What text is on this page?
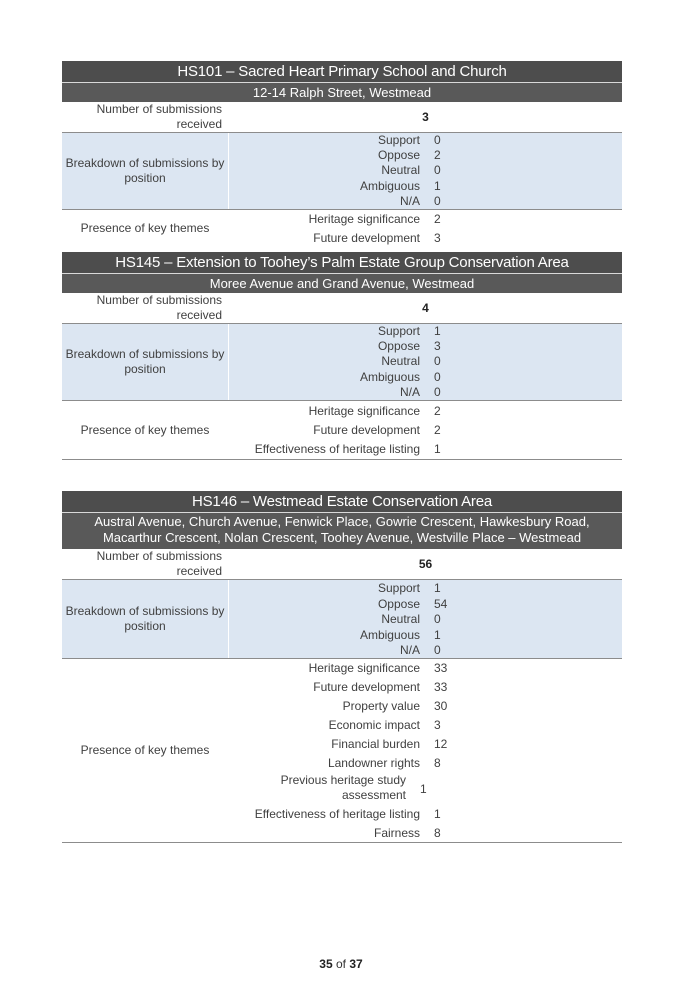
HS101 – Sacred Heart Primary School and Church
12-14 Ralph Street, Westmead
Number of submissions received	3
Breakdown of submissions by position
Support	0
Oppose	2
Neutral	0
Ambiguous	1
N/A	0
Presence of key themes
Heritage significance	2
Future development	3
HS145 – Extension to Toohey’s Palm Estate Group Conservation Area
Moree Avenue and Grand Avenue, Westmead
Number of submissions received	4
Breakdown of submissions by position
Support	1
Oppose	3
Neutral	0
Ambiguous	0
N/A	0
Presence of key themes
Heritage significance	2
Future development	2
Effectiveness of heritage listing	1
HS146 – Westmead Estate Conservation Area
Austral Avenue, Church Avenue, Fenwick Place, Gowrie Crescent, Hawkesbury Road, Macarthur Crescent, Nolan Crescent, Toohey Avenue, Westville Place – Westmead
Number of submissions received	56
Breakdown of submissions by position
Support	1
Oppose	54
Neutral	0
Ambiguous	1
N/A	0
Presence of key themes
Heritage significance	33
Future development	33
Property value	30
Economic impact	3
Financial burden	12
Landowner rights	8
Previous heritage study assessment	1
Effectiveness of heritage listing	1
Fairness	8
35 of 37
